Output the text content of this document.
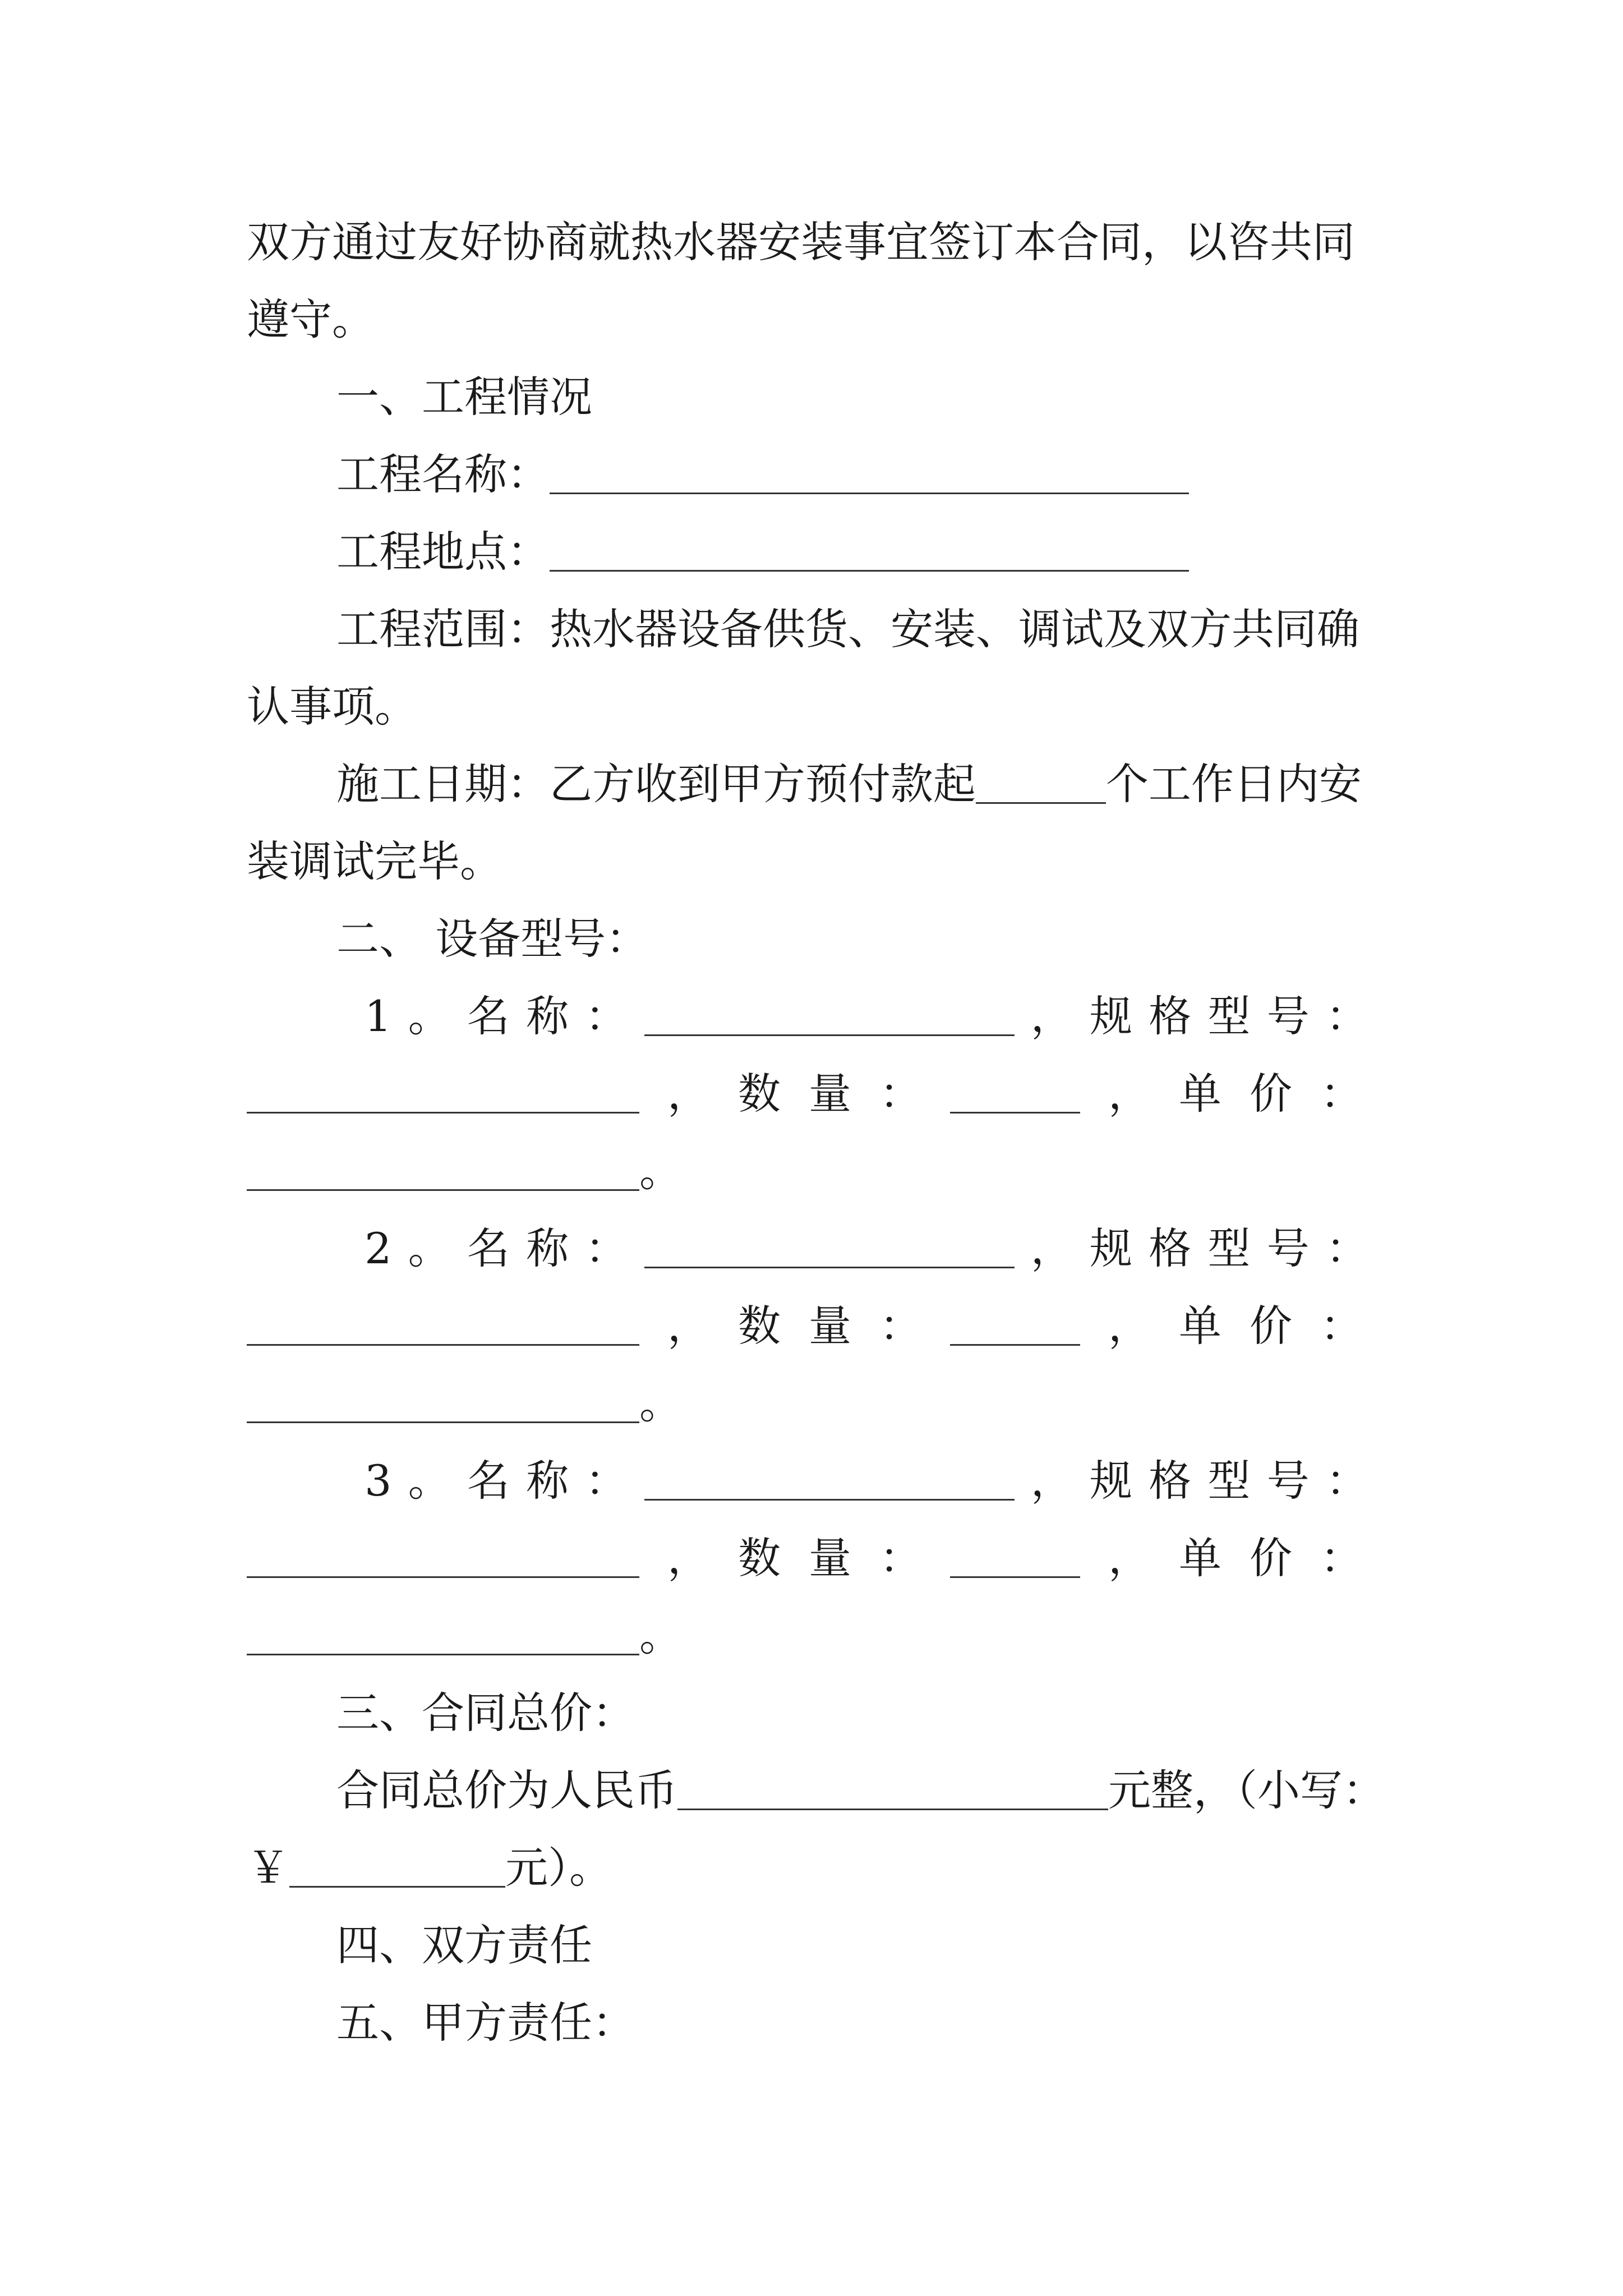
双方通过友好协商就热水器安装事宜签订本合同，以咨共同
遵守。
一、工程情况
工程名称：
工程地点：
工程范围：热水器设备供货、安装、调试及双方共同确
认事项。
施工日期：乙方收到甲方预付款起	个工作日内安
装调试完毕。
二、 设备型号：
1 。 名 称 ：	， 规 格 型 号 ：
， 数 量 ：	， 单 价 ：
。
2 。 名 称 ：	， 规 格 型 号 ：
， 数 量 ：	， 单 价 ：
。
3 。 名 称 ：	， 规 格 型 号 ：
， 数 量 ：	， 单 价 ：
。
三、合同总价：
合同总价为人民币	元整，（小写：
￥	元）。
四、双方责任
五、甲方责任：
